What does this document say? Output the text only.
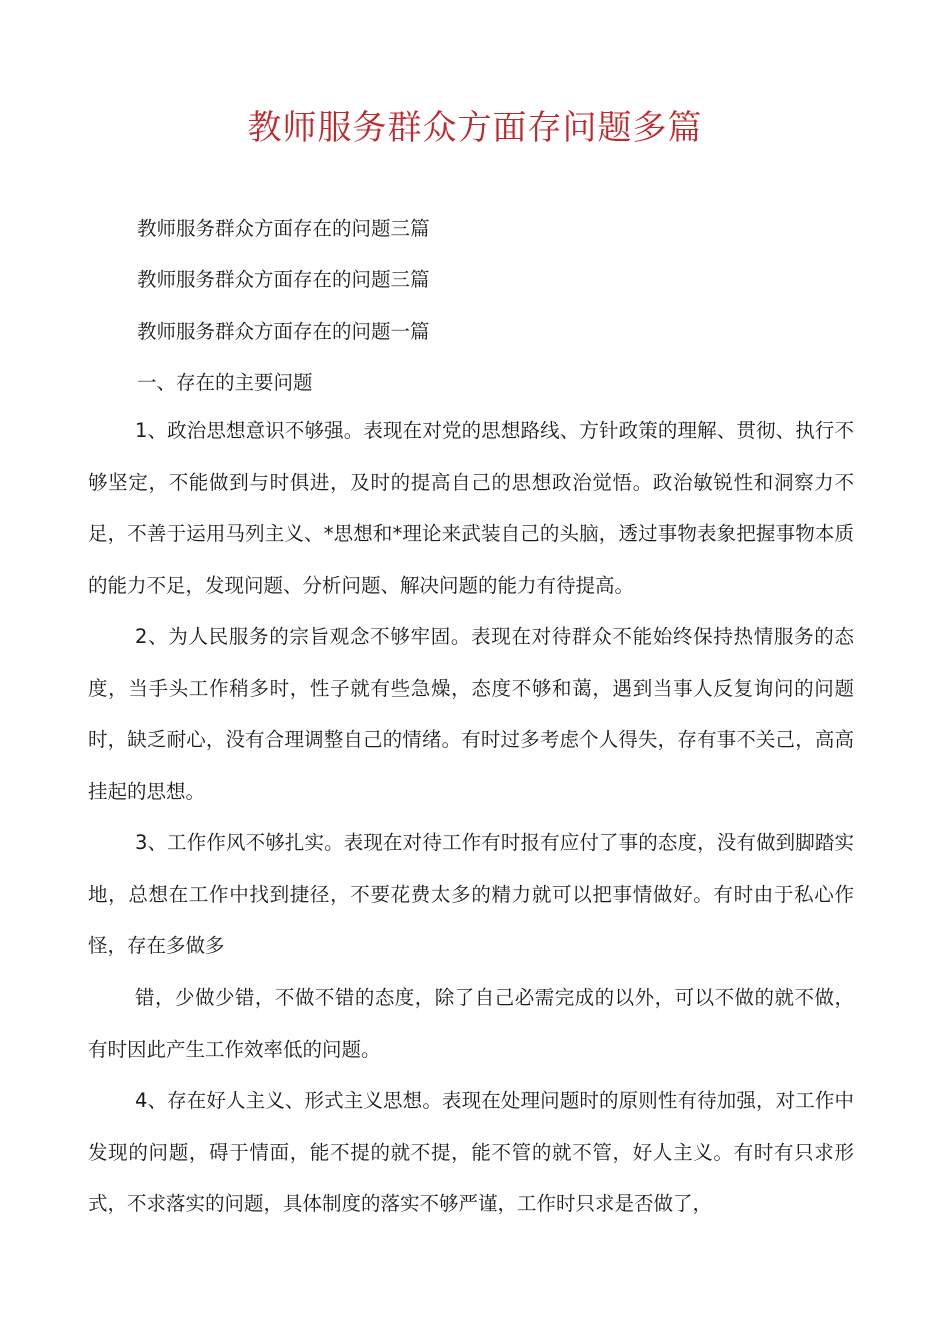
教师服务群众方面存问题多篇

教师服务群众方面存在的问题三篇

教师服务群众方面存在的问题三篇

教师服务群众方面存在的问题一篇

一、存在的主要问题

1、政治思想意识不够强。表现在对党的思想路线、方针政策的理解、贯彻、执行不够坚定，不能做到与时俱进，及时的提高自己的思想政治觉悟。政治敏锐性和洞察力不足，不善于运用马列主义、*思想和*理论来武装自己的头脑，透过事物表象把握事物本质的能力不足，发现问题、分析问题、解决问题的能力有待提高。

2、为人民服务的宗旨观念不够牢固。表现在对待群众不能始终保持热情服务的态度，当手头工作稍多时，性子就有些急燥，态度不够和蔼，遇到当事人反复询问的问题时，缺乏耐心，没有合理调整自己的情绪。有时过多考虑个人得失，存有事不关己，高高挂起的思想。

3、工作作风不够扎实。表现在对待工作有时报有应付了事的态度，没有做到脚踏实地，总想在工作中找到捷径，不要花费太多的精力就可以把事情做好。有时由于私心作怪，存在多做多

错，少做少错，不做不错的态度，除了自己必需完成的以外，可以不做的就不做，有时因此产生工作效率低的问题。

4、存在好人主义、形式主义思想。表现在处理问题时的原则性有待加强，对工作中发现的问题，碍于情面，能不提的就不提，能不管的就不管，好人主义。有时有只求形式，不求落实的问题，具体制度的落实不够严谨，工作时只求是否做了，
